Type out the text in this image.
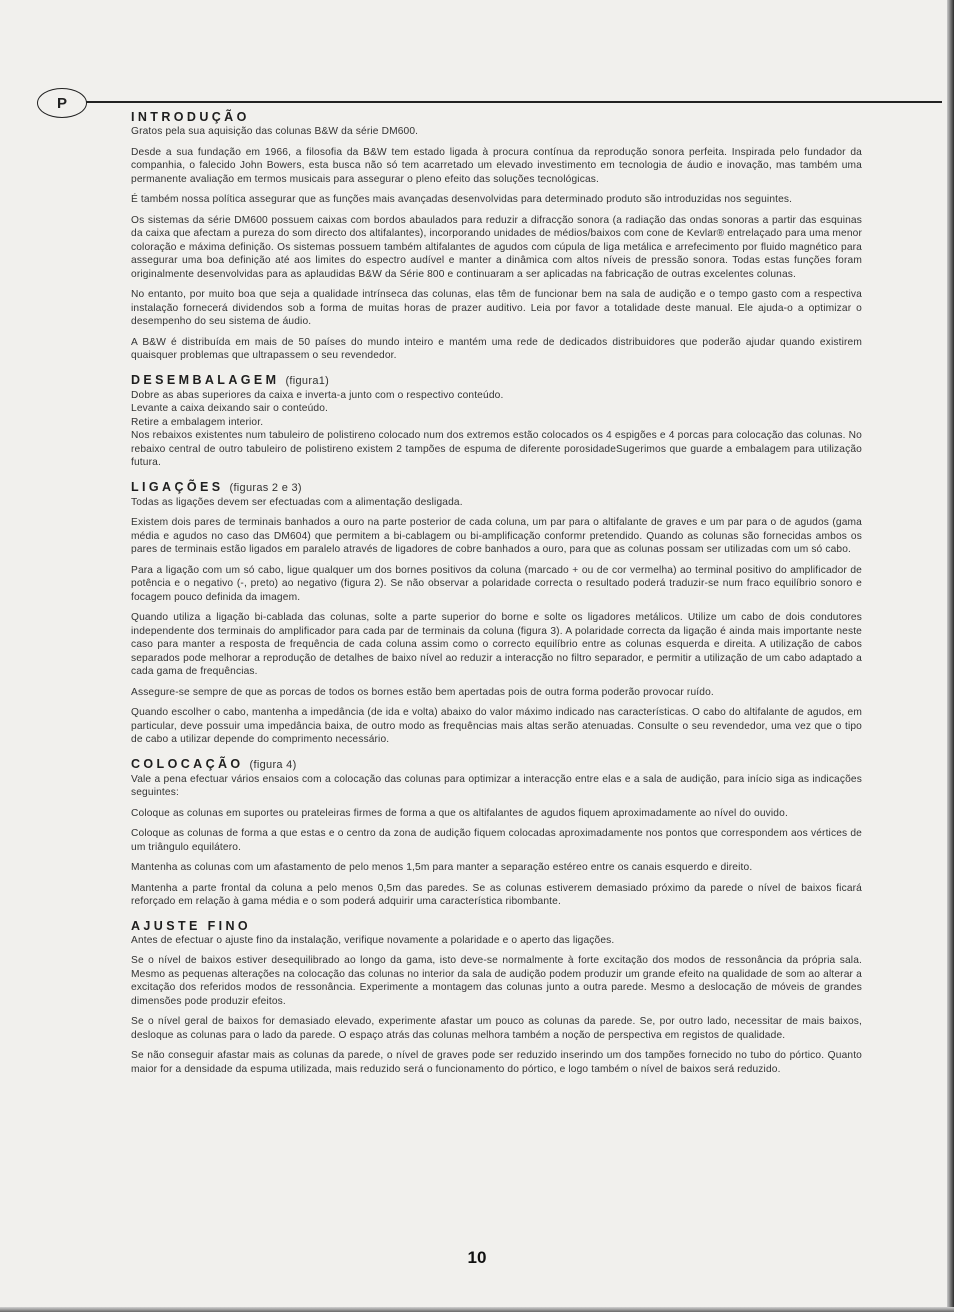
P
INTRODUÇÃO

Gratos pela sua aquisição das colunas B&W da série DM600.

Desde a sua fundação em 1966, a filosofia da B&W tem estado ligada à procura contínua da reprodução sonora perfeita. Inspirada pelo fundador da companhia, o falecido John Bowers, esta busca não só tem acarretado um elevado investimento em tecnologia de áudio e inovação, mas também uma permanente avaliação em termos musicais para assegurar o pleno efeito das soluções tecnológicas.

É também nossa política assegurar que as funções mais avançadas desenvolvidas para determinado produto são introduzidas nos seguintes.

Os sistemas da série DM600 possuem caixas com bordos abaulados para reduzir a difracção sonora (a radiação das ondas sonoras a partir das esquinas da caixa que afectam a pureza do som directo dos altifalantes), incorporando unidades de médios/baixos com cone de Kevlar® entrelaçado para uma menor coloração e máxima definição. Os sistemas possuem também altifalantes de agudos com cúpula de liga metálica e arrefecimento por fluido magnético para assegurar uma boa definição até aos limites do espectro audível e manter a dinâmica com altos níveis de pressão sonora. Todas estas funções foram originalmente desenvolvidas para as aplaudidas B&W da Série 800 e continuaram a ser aplicadas na fabricação de outras excelentes colunas.

No entanto, por muito boa que seja a qualidade intrínseca das colunas, elas têm de funcionar bem na sala de audição e o tempo gasto com a respectiva instalação fornecerá dividendos sob a forma de muitas horas de prazer auditivo. Leia por favor a totalidade deste manual. Ele ajuda-o a optimizar o desempenho do seu sistema de áudio.

A B&W é distribuída em mais de 50 países do mundo inteiro e mantém uma rede de dedicados distribuidores que poderão ajudar quando existirem quaisquer problemas que ultrapassem o seu revendedor.

DESEMBALAGEM (figura1)

Dobre as abas superiores da caixa e inverta-a junto com o respectivo conteúdo.

Levante a caixa deixando sair o conteúdo.

Retire a embalagem interior.

Nos rebaixos existentes num tabuleiro de polistireno colocado num dos extremos estão colocados os 4 espigões e 4 porcas para colocação das colunas. No rebaixo central de outro tabuleiro de polistireno existem 2 tampões de espuma de diferente porosidadeSugerimos que guarde a embalagem para utilização futura.

LIGAÇÕES (figuras 2 e 3)

Todas as ligações devem ser efectuadas com a alimentação desligada.

Existem dois pares de terminais banhados a ouro na parte posterior de cada coluna, um par para o altifalante de graves e um par para o de agudos (gama média e agudos no caso das DM604) que permitem a bi-cablagem ou bi-amplificação conformr pretendido. Quando as colunas são fornecidas ambos os pares de terminais estão ligados em paralelo através de ligadores de cobre banhados a ouro, para que as colunas possam ser utilizadas com um só cabo.

Para a ligação com um só cabo, ligue qualquer um dos bornes positivos da coluna (marcado + ou de cor vermelha) ao terminal positivo do amplificador de potência e o negativo (-, preto) ao negativo (figura 2). Se não observar a polaridade correcta o resultado poderá traduzir-se num fraco equilíbrio sonoro e focagem pouco definida da imagem.

Quando utiliza a ligação bi-cablada das colunas, solte a parte superior do borne e solte os ligadores metálicos. Utilize um cabo de dois condutores independente dos terminais do amplificador para cada par de terminais da coluna (figura 3). A polaridade correcta da ligação é ainda mais importante neste caso para manter a resposta de frequência de cada coluna assim como o correcto equilíbrio entre as colunas esquerda e direita. A utilização de cabos separados pode melhorar a reprodução de detalhes de baixo nível ao reduzir a interacção no filtro separador, e permitir a utilização de um cabo adaptado a cada gama de frequências.

Assegure-se sempre de que as porcas de todos os bornes estão bem apertadas pois de outra forma poderão provocar ruído.

Quando escolher o cabo, mantenha a impedância (de ida e volta) abaixo do valor máximo indicado nas características. O cabo do altifalante de agudos, em particular, deve possuir uma impedância baixa, de outro modo as frequências mais altas serão atenuadas. Consulte o seu revendedor, uma vez que o tipo de cabo a utilizar depende do comprimento necessário.

COLOCAÇÃO (figura 4)

Vale a pena efectuar vários ensaios com a colocação das colunas para optimizar a interacção entre elas e a sala de audição, para início siga as indicações seguintes:

Coloque as colunas em suportes ou prateleiras firmes de forma a que os altifalantes de agudos fiquem aproximadamente ao nível do ouvido.

Coloque as colunas de forma a que estas e o centro da zona de audição fiquem colocadas aproximadamente nos pontos que correspondem aos vértices de um triângulo equilátero.

Mantenha as colunas com um afastamento de pelo menos 1,5m para manter a separação estéreo entre os canais esquerdo e direito.

Mantenha a parte frontal da coluna a pelo menos 0,5m das paredes. Se as colunas estiverem demasiado próximo da parede o nível de baixos ficará reforçado em relação à gama média e o som poderá adquirir uma característica ribombante.

AJUSTE FINO

Antes de efectuar o ajuste fino da instalação, verifique novamente a polaridade e o aperto das ligações.

Se o nível de baixos estiver desequilibrado ao longo da gama, isto deve-se normalmente à forte excitação dos modos de ressonância da própria sala. Mesmo as pequenas alterações na colocação das colunas no interior da sala de audição podem produzir um grande efeito na qualidade de som ao alterar a excitação dos referidos modos de ressonância. Experimente a montagem das colunas junto a outra parede. Mesmo a deslocação de móveis de grandes dimensões pode produzir efeitos.

Se o nível geral de baixos for demasiado elevado, experimente afastar um pouco as colunas da parede. Se, por outro lado, necessitar de mais baixos, desloque as colunas para o lado da parede. O espaço atrás das colunas melhora também a noção de perspectiva em registos de qualidade.

Se não conseguir afastar mais as colunas da parede, o nível de graves pode ser reduzido inserindo um dos tampões fornecido no tubo do pórtico. Quanto maior for a densidade da espuma utilizada, mais reduzido será o funcionamento do pórtico, e logo também o nível de baixos será reduzido.

10
